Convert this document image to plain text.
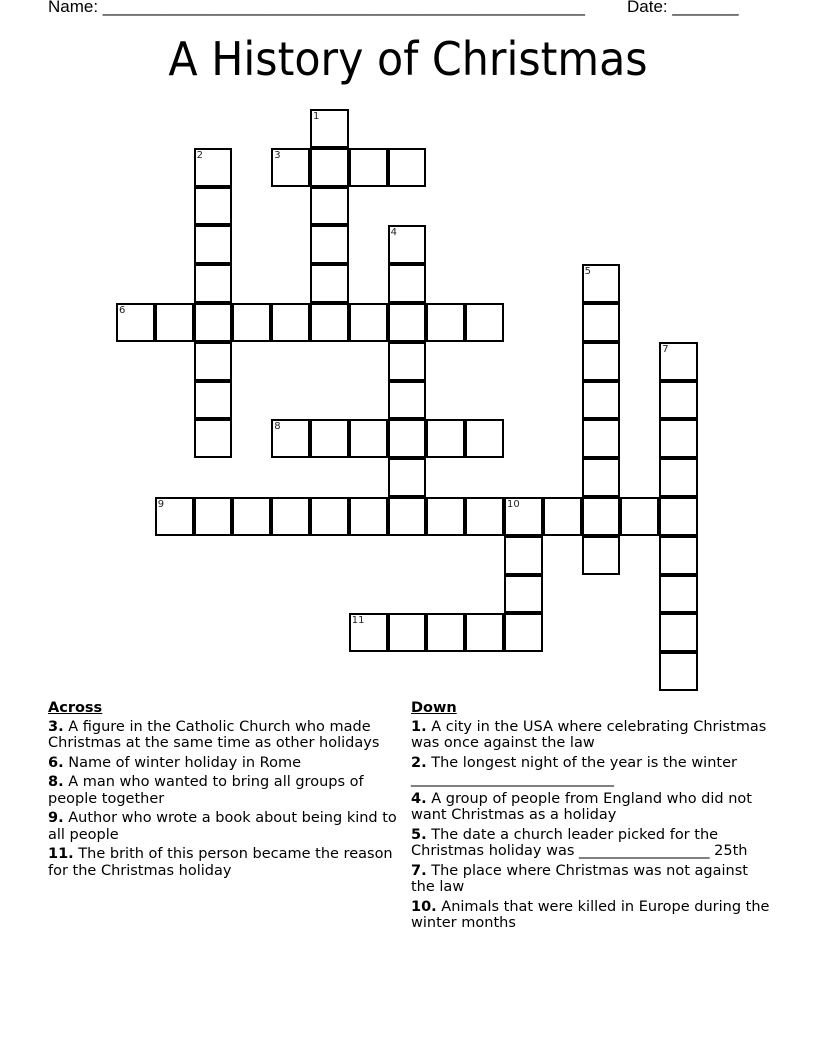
Name: ___________________________________________________ Date: _______
A History of Christmas
1
2	3
4
5
6
7
8
9	10
11
Across
3. A figure in the Catholic Church who made Christmas at the same time as other holidays
6. Name of winter holiday in Rome
8. A man who wanted to bring all groups of people together
9. Author who wrote a book about being kind to all people
11. The brith of this person became the reason for the Christmas holiday
Down
1. A city in the USA where celebrating Christmas was once against the law
2. The longest night of the year is the winter ____________________________
4. A group of people from England who did not want Christmas as a holiday
5. The date a church leader picked for the Christmas holiday was __________________ 25th
7. The place where Christmas was not against the law
10. Animals that were killed in Europe during the winter months
